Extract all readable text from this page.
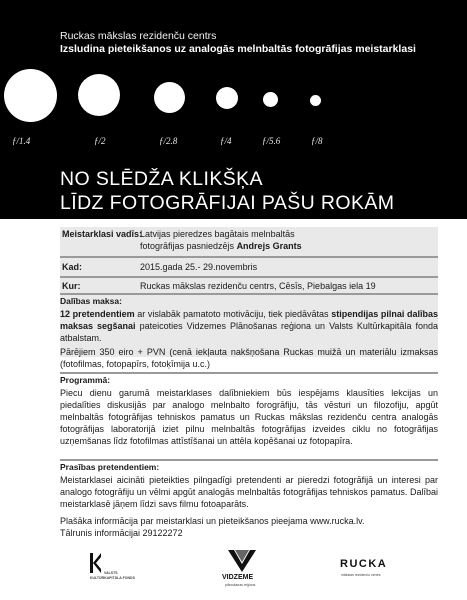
Ruckas mākslas rezidenču centrs
Izsludina pieteikšanos uz analogās melnbaltās fotogrāfijas meistarklasi
ƒ/1.4	ƒ/2	ƒ/2.8	ƒ/4	ƒ/5.6	ƒ/8
NO SLĒDŽA KLIKŠĶA
LĪDZ FOTOGRĀFIJAI PAŠU ROKĀM
Meistarklasi vadīs:
Latvijas pieredzes bagātais melnbaltās
fotogrāfijas pasniedzējs Andrejs Grants
Kad:	2015.gada 25.- 29.novembris
Kur:	Ruckas mākslas rezidenču centrs, Cēsīs, Piebalgas iela 19
Dalības maksa:
12 pretendentiem ar vislabāk pamatoto motivāciju, tiek piedāvātas stipendijas pilnai dalības maksas segšanai pateicoties Vidzemes Plānošanas reģiona un Valsts Kultūrkapitāla fonda atbalstam.
Pārējiem 350 eiro + PVN (cenā iekļauta nakšņošana Ruckas muižā un materiālu izmaksas (fotofilmas, fotopapīrs, fotoķīmija u.c.)
Programmā:
Piecu dienu garumā meistarklases dalībniekiem būs iespējams klausīties lekcijas un piedalīties diskusijās par analogo melnbalto forogrāfiju, tās vēsturi un filozofiju, apgūt melnbaltās fotogrāfijas tehniskos pamatus un Ruckas mākslas rezidenču centra analogās fotogrāfijas laboratorijā iziet pilnu melnbaltās fotogrāfijas izveides ciklu no fotogrāfijas uzņemšanas līdz fotofilmas attīstīšanai un attēla kopēšanai uz fotopapīra.
Prasības pretendentiem:
Meistarklasei aicināti pieteikties pilngadīgi pretendenti ar pieredzi fotogrāfijā un interesi par analogo fotogrāfiju un vēlmi apgūt analogās melnbaltās fotogrāfijas tehniskos pamatus. Dalībai meistarklasē jāņem līdzi savs filmu fotoaparāts.
Plašāka informācija par meistarklasi un pieteikšanos pieejama www.rucka.lv.
Tālrunis informācijai 29122272
VALSTS
KULTŪRKAPITĀLA FONDS	VIDZEME
plānošanas reģions
RUCKA
mākslas rezidenču centrs
